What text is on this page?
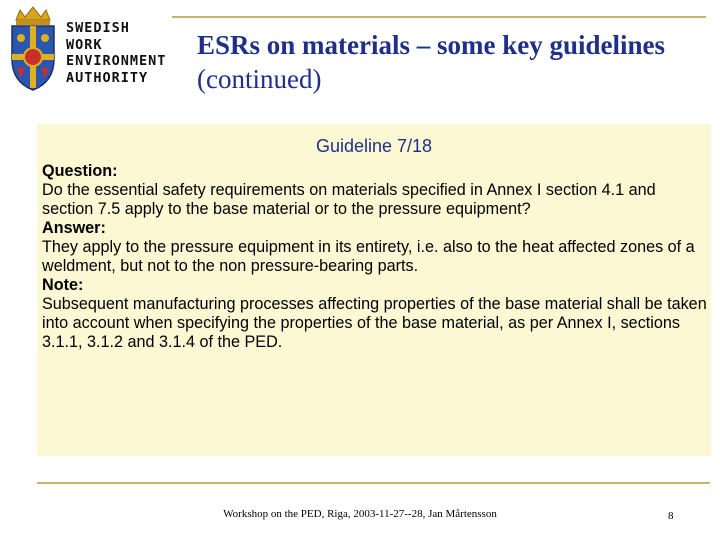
SWEDISH
WORK
ENVIRONMENT
AUTHORITY
ESRs on materials – some key guidelines (continued)
Guideline 7/18
Question:
Do the essential safety requirements on materials specified in Annex I section 4.1 and section 7.5 apply to the base material or to the pressure equipment?
Answer:
They apply to the pressure equipment in its entirety, i.e. also to the heat affected zones of a weldment, but not to the non pressure-bearing parts.
Note:
Subsequent manufacturing processes affecting properties of the base material shall be taken into account when specifying the properties of the base material, as per Annex I, sections 3.1.1, 3.1.2 and 3.1.4 of the PED.
Workshop on the PED, Riga, 2003-11-27--28, Jan Mårtensson	8
